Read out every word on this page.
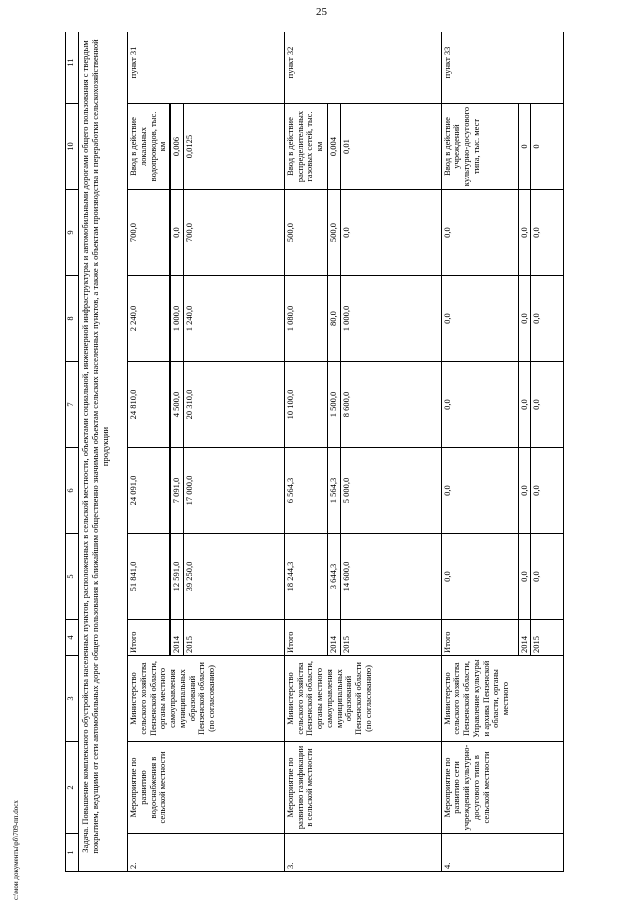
25
1	2	3	4	5	6	7	8	9	10	11
Задача. Повышение комплексного обустройства населенных пунктов, расположенных в сельской местности, объектами социальной, инженерной инфраструктуры и автомобильными дорогами общего пользования с твердым покрытием, ведущими от сети автомобильных дорог общего пользования к ближайшим общественно значимым объектам сельских населенных пунктов, а также к объектам производства и переработки сельскохозяйственной продукции										
2.	Мероприятие по развитию водоснабжения в сельской местности	Министерство сельского хозяйства Пензенской области, органы местного самоуправления муниципальных образований Пензенской области (по согласованию)	Итого	51 841,0	24 091,0	24 810,0	2 240,0	700,0	Ввод в действие локальных водопроводов, тыс. км	пункт 31

			2014	12 591,0	7 091,0	4 500,0	1 000,0	0,0	0,006	
			2015	39 250,0	17 000,0	20 310,0	1 240,0	700,0	0,0125	
3.	Мероприятие по развитию газификации в сельской местности	Министерство сельского хозяйства Пензенской области, органы местного самоуправления муниципальных образований Пензенской области (по согласованию)	Итого	18 244,3	6 564,3	10 100,0	1 080,0	500,0	Ввод в действие распределительных газовых сетей, тыс. км	пункт 32
			2014	3 644,3	1 564,3	1 500,0	80,0	500,0	0,004	
			2015	14 600,0	5 000,0	8 600,0	1 000,0	0,0	0,01	
4.	Мероприятие по развитию сети учреждений культурно-досугового типа в сельской местности	Министерство сельского хозяйства Пензенской области, Управление культуры и архива Пензенской области, органы местного	Итого	0,0	0,0	0,0	0,0	0,0	Ввод в действие учреждений культурно-досугового типа, тыс. мест	пункт 33
			2014	0,0	0,0	0,0	0,0	0,0	0	
			2015	0,0	0,0	0,0	0,0	0,0	0	
c:\мои документы\рб\709-пп.docx
